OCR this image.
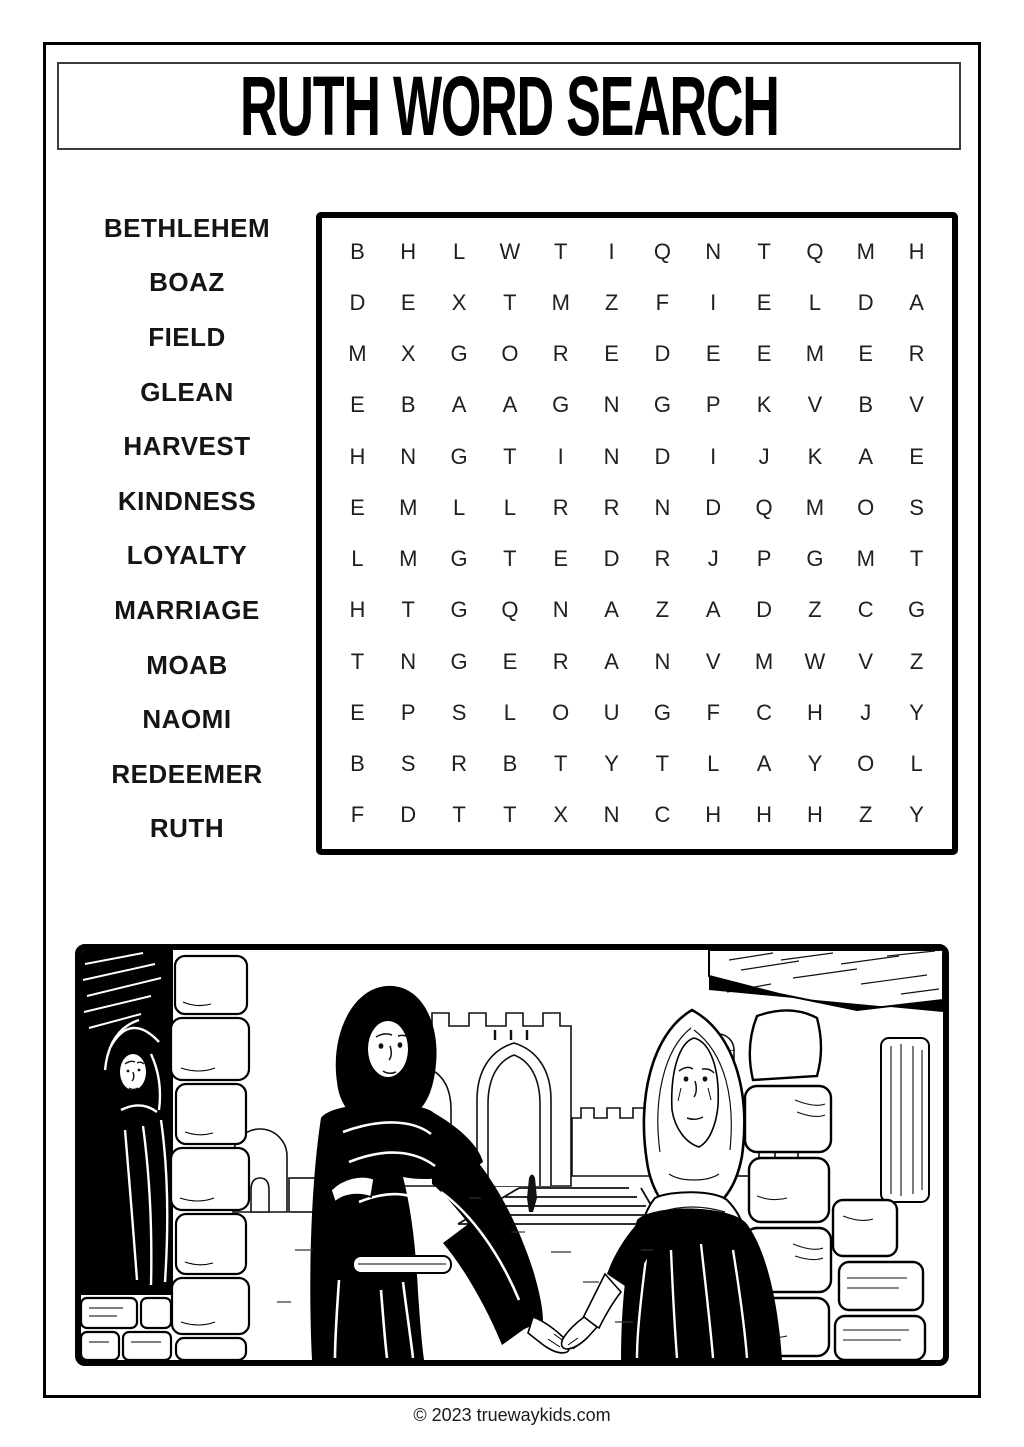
RUTH WORD SEARCH
BETHLEHEM
BOAZ
FIELD
GLEAN
HARVEST
KINDNESS
LOYALTY
MARRIAGE
MOAB
NAOMI
REDEEMER
RUTH
B	H	L	W	T	I	Q	N	T	Q	M	H
D	E	X	T	M	Z	F	I	E	L	D	A
M	X	G	O	R	E	D	E	E	M	E	R
E	B	A	A	G	N	G	P	K	V	B	V
H	N	G	T	I	N	D	I	J	K	A	E
E	M	L	L	R	R	N	D	Q	M	O	S
L	M	G	T	E	D	R	J	P	G	M	T
H	T	G	Q	N	A	Z	A	D	Z	C	G
T	N	G	E	R	A	N	V	M	W	V	Z
E	P	S	L	O	U	G	F	C	H	J	Y
B	S	R	B	T	Y	T	L	A	Y	O	L
F	D	T	T	X	N	C	H	H	H	Z	Y
© 2023 truewaykids.com
